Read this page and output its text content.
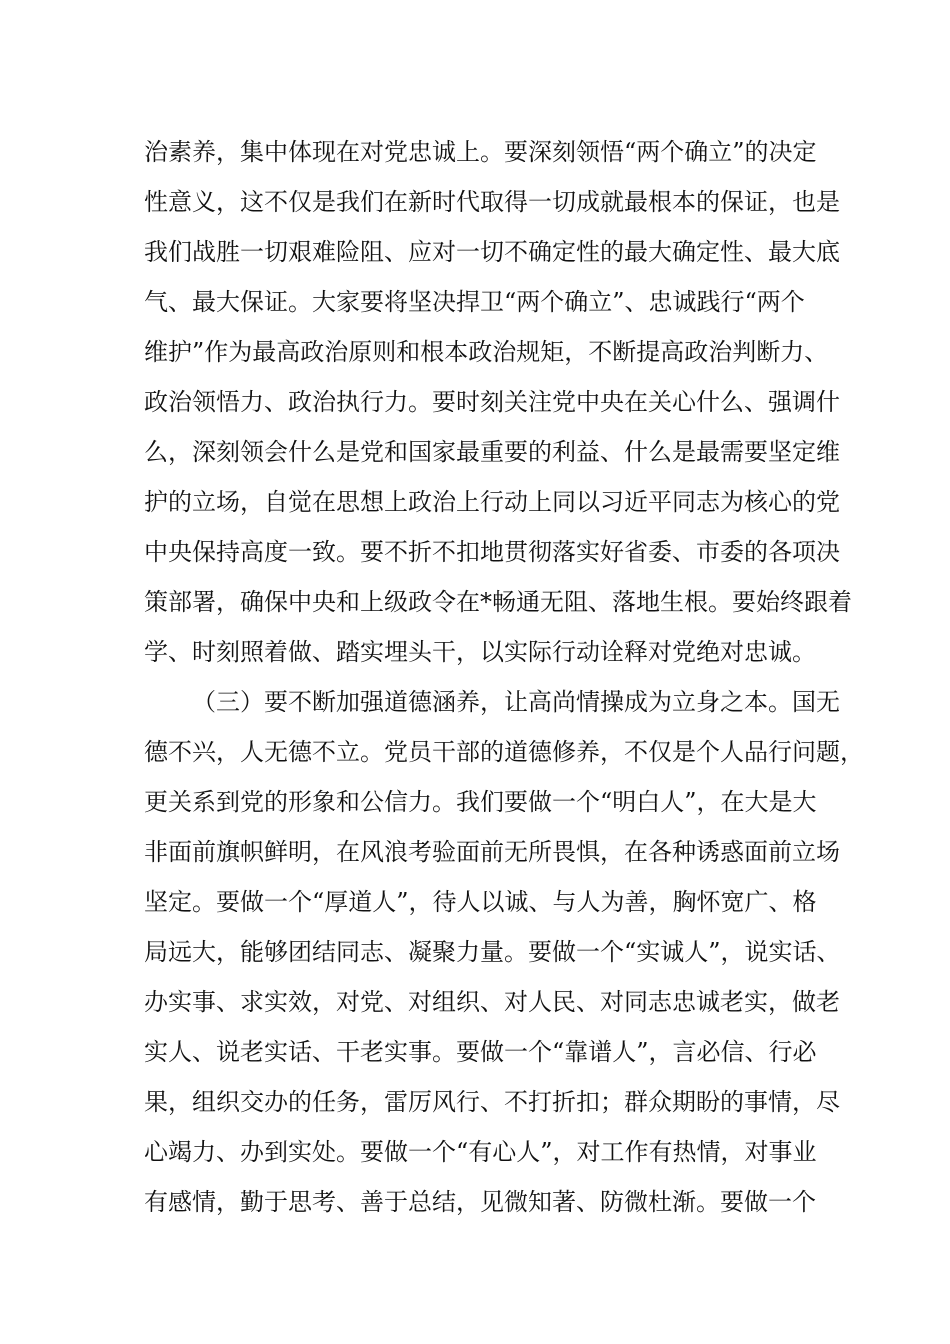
治素养，集中体现在对党忠诚上。要深刻领悟“两个确立”的决定
性意义，这不仅是我们在新时代取得一切成就最根本的保证，也是
我们战胜一切艰难险阻、应对一切不确定性的最大确定性、最大底
气、最大保证。大家要将坚决捍卫“两个确立”、忠诚践行“两个
维护”作为最高政治原则和根本政治规矩，不断提高政治判断力、
政治领悟力、政治执行力。要时刻关注党中央在关心什么、强调什
么，深刻领会什么是党和国家最重要的利益、什么是最需要坚定维
护的立场，自觉在思想上政治上行动上同以习近平同志为核心的党
中央保持高度一致。要不折不扣地贯彻落实好省委、市委的各项决
策部署，确保中央和上级政令在*畅通无阻、落地生根。要始终跟着
学、时刻照着做、踏实埋头干，以实际行动诠释对党绝对忠诚。
（三）要不断加强道德涵养，让高尚情操成为立身之本。国无
德不兴，人无德不立。党员干部的道德修养，不仅是个人品行问题，
更关系到党的形象和公信力。我们要做一个“明白人”，在大是大
非面前旗帜鲜明，在风浪考验面前无所畏惧，在各种诱惑面前立场
坚定。要做一个“厚道人”，待人以诚、与人为善，胸怀宽广、格
局远大，能够团结同志、凝聚力量。要做一个“实诚人”，说实话、
办实事、求实效，对党、对组织、对人民、对同志忠诚老实，做老
实人、说老实话、干老实事。要做一个“靠谱人”，言必信、行必
果，组织交办的任务，雷厉风行、不打折扣；群众期盼的事情，尽
心竭力、办到实处。要做一个“有心人”，对工作有热情，对事业
有感情，勤于思考、善于总结，见微知著、防微杜渐。要做一个
